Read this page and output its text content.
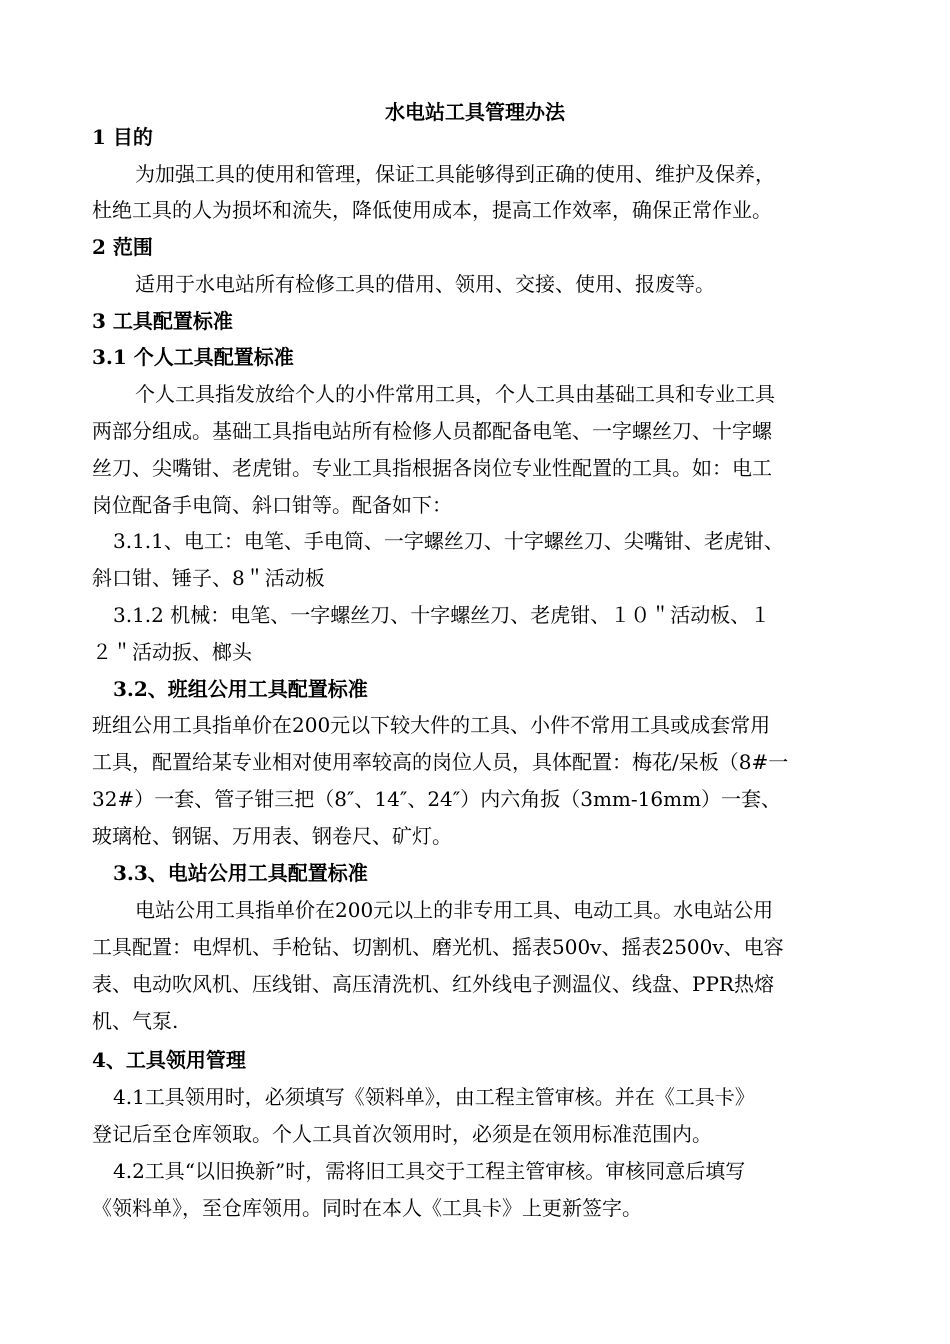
水电站工具管理办法

1 目的

为加强工具的使用和管理，保证工具能够得到正确的使用、维护及保养，

杜绝工具的人为损坏和流失，降低使用成本，提高工作效率，确保正常作业。

2 范围

适用于水电站所有检修工具的借用、领用、交接、使用、报废等。

3 工具配置标准

3.1 个人工具配置标准

个人工具指发放给个人的小件常用工具，个人工具由基础工具和专业工具

两部分组成。基础工具指电站所有检修人员都配备电笔、一字螺丝刀、十字螺

丝刀、尖嘴钳、老虎钳。专业工具指根据各岗位专业性配置的工具。如：电工

岗位配备手电筒、斜口钳等。配备如下：

3.1.1、电工：电笔、手电筒、一字螺丝刀、十字螺丝刀、尖嘴钳、老虎钳、

斜口钳、锤子、8＂活动板

3.1.2 机械：电笔、一字螺丝刀、十字螺丝刀、老虎钳、１０＂活动板、１

２＂活动扳、榔头

3.2、班组公用工具配置标准

班组公用工具指单价在200元以下较大件的工具、小件不常用工具或成套常用

工具，配置给某专业相对使用率较高的岗位人员，具体配置：梅花/呆板（8#一

32#）一套、管子钳三把（8″、14″、24″）内六角扳（3mm-16mm）一套、

玻璃枪、钢锯、万用表、钢卷尺、矿灯。

3.3、电站公用工具配置标准

电站公用工具指单价在200元以上的非专用工具、电动工具。水电站公用

工具配置：电焊机、手枪钻、切割机、磨光机、摇表500v、摇表2500v、电容

表、电动吹风机、压线钳、高压清洗机、红外线电子测温仪、线盘、PPR热熔

机、气泵.

4、工具领用管理

4.1工具领用时，必须填写《领料单》，由工程主管审核。并在《工具卡》

登记后至仓库领取。个人工具首次领用时，必须是在领用标准范围内。

4.2工具“以旧换新”时，需将旧工具交于工程主管审核。审核同意后填写

《领料单》，至仓库领用。同时在本人《工具卡》上更新签字。
